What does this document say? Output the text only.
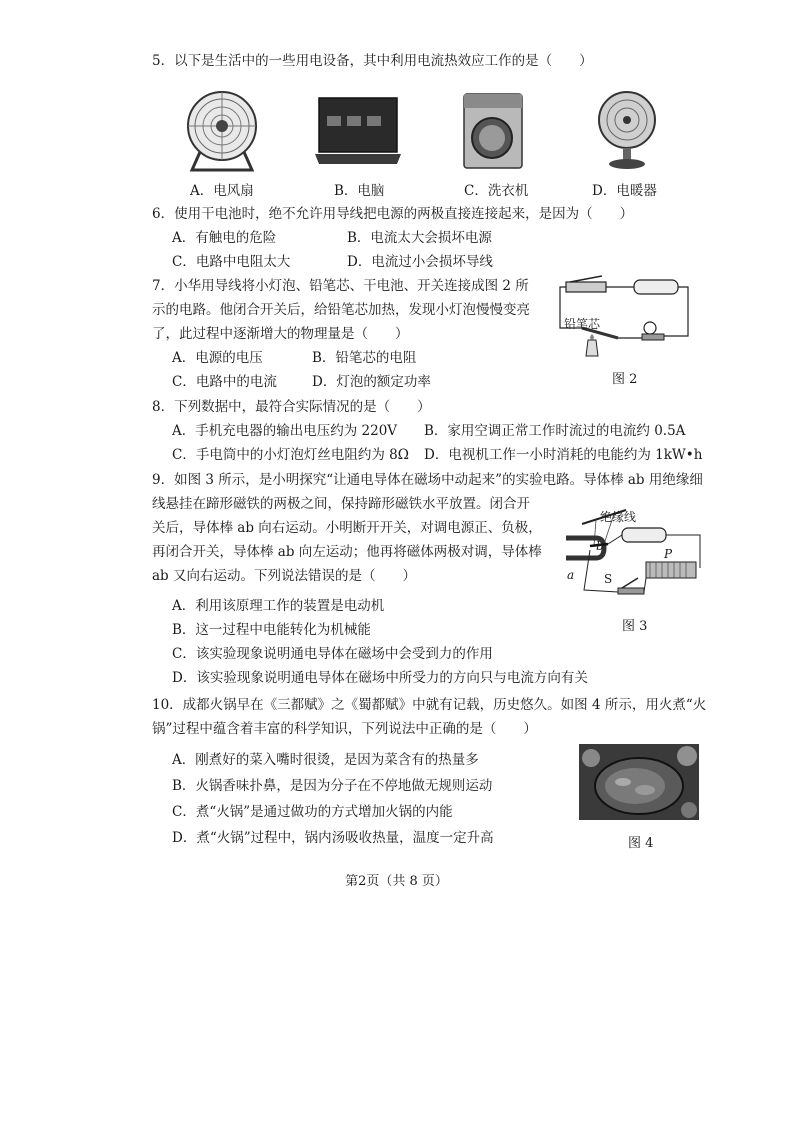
5．以下是生活中的一些用电设备，其中利用电流热效应工作的是（　　）
A．电风扇	B．电脑	C．洗衣机	D．电暖器
6．使用干电池时，绝不允许用导线把电源的两极直接连接起来，是因为（　　）
A．有触电的危险	B．电流太大会损坏电源
C．电路中电阻太大	D．电流过小会损坏导线
7．小华用导线将小灯泡、铅笔芯、干电池、开关连接成图 2 所
示的电路。他闭合开关后，给铅笔芯加热，发现小灯泡慢慢变亮
了，此过程中逐渐增大的物理量是（　　）
A．电源的电压	B．铅笔芯的电阻
C．电路中的电流	D．灯泡的额定功率
铅笔芯
图 2
8．下列数据中，最符合实际情况的是（　　）
A．手机充电器的输出电压约为 220V B．家用空调正常工作时流过的电流约 0.5A
C．手电筒中的小灯泡灯丝电阻约为 8Ω D．电视机工作一小时消耗的电能约为 1kW•h
9．如图 3 所示，是小明探究“让通电导体在磁场中动起来”的实验电路。导体棒 ab 用绝缘细
线悬挂在蹄形磁铁的两极之间，保持蹄形磁铁水平放置。闭合开
关后，导体棒 ab 向右运动。小明断开开关，对调电源正、负极，
再闭合开关，导体棒 ab 向左运动；他再将磁体两极对调，导体棒
ab 又向右运动。下列说法错误的是（　　）
A．利用该原理工作的装置是电动机
B．这一过程中电能转化为机械能
C．该实验现象说明通电导体在磁场中会受到力的作用
D．该实验现象说明通电导体在磁场中所受力的方向只与电流方向有关
绝缘线
b
a
P
S
图 3
10．成都火锅早在《三都赋》之《蜀都赋》中就有记载，历史悠久。如图 4 所示，用火煮“火
锅”过程中蕴含着丰富的科学知识，下列说法中正确的是（　　）
A．刚煮好的菜入嘴时很烫，是因为菜含有的热量多
B．火锅香味扑鼻，是因为分子在不停地做无规则运动
C．煮“火锅”是通过做功的方式增加火锅的内能
D．煮“火锅”过程中，锅内汤吸收热量，温度一定升高	图 4
第2页（共 8 页）
